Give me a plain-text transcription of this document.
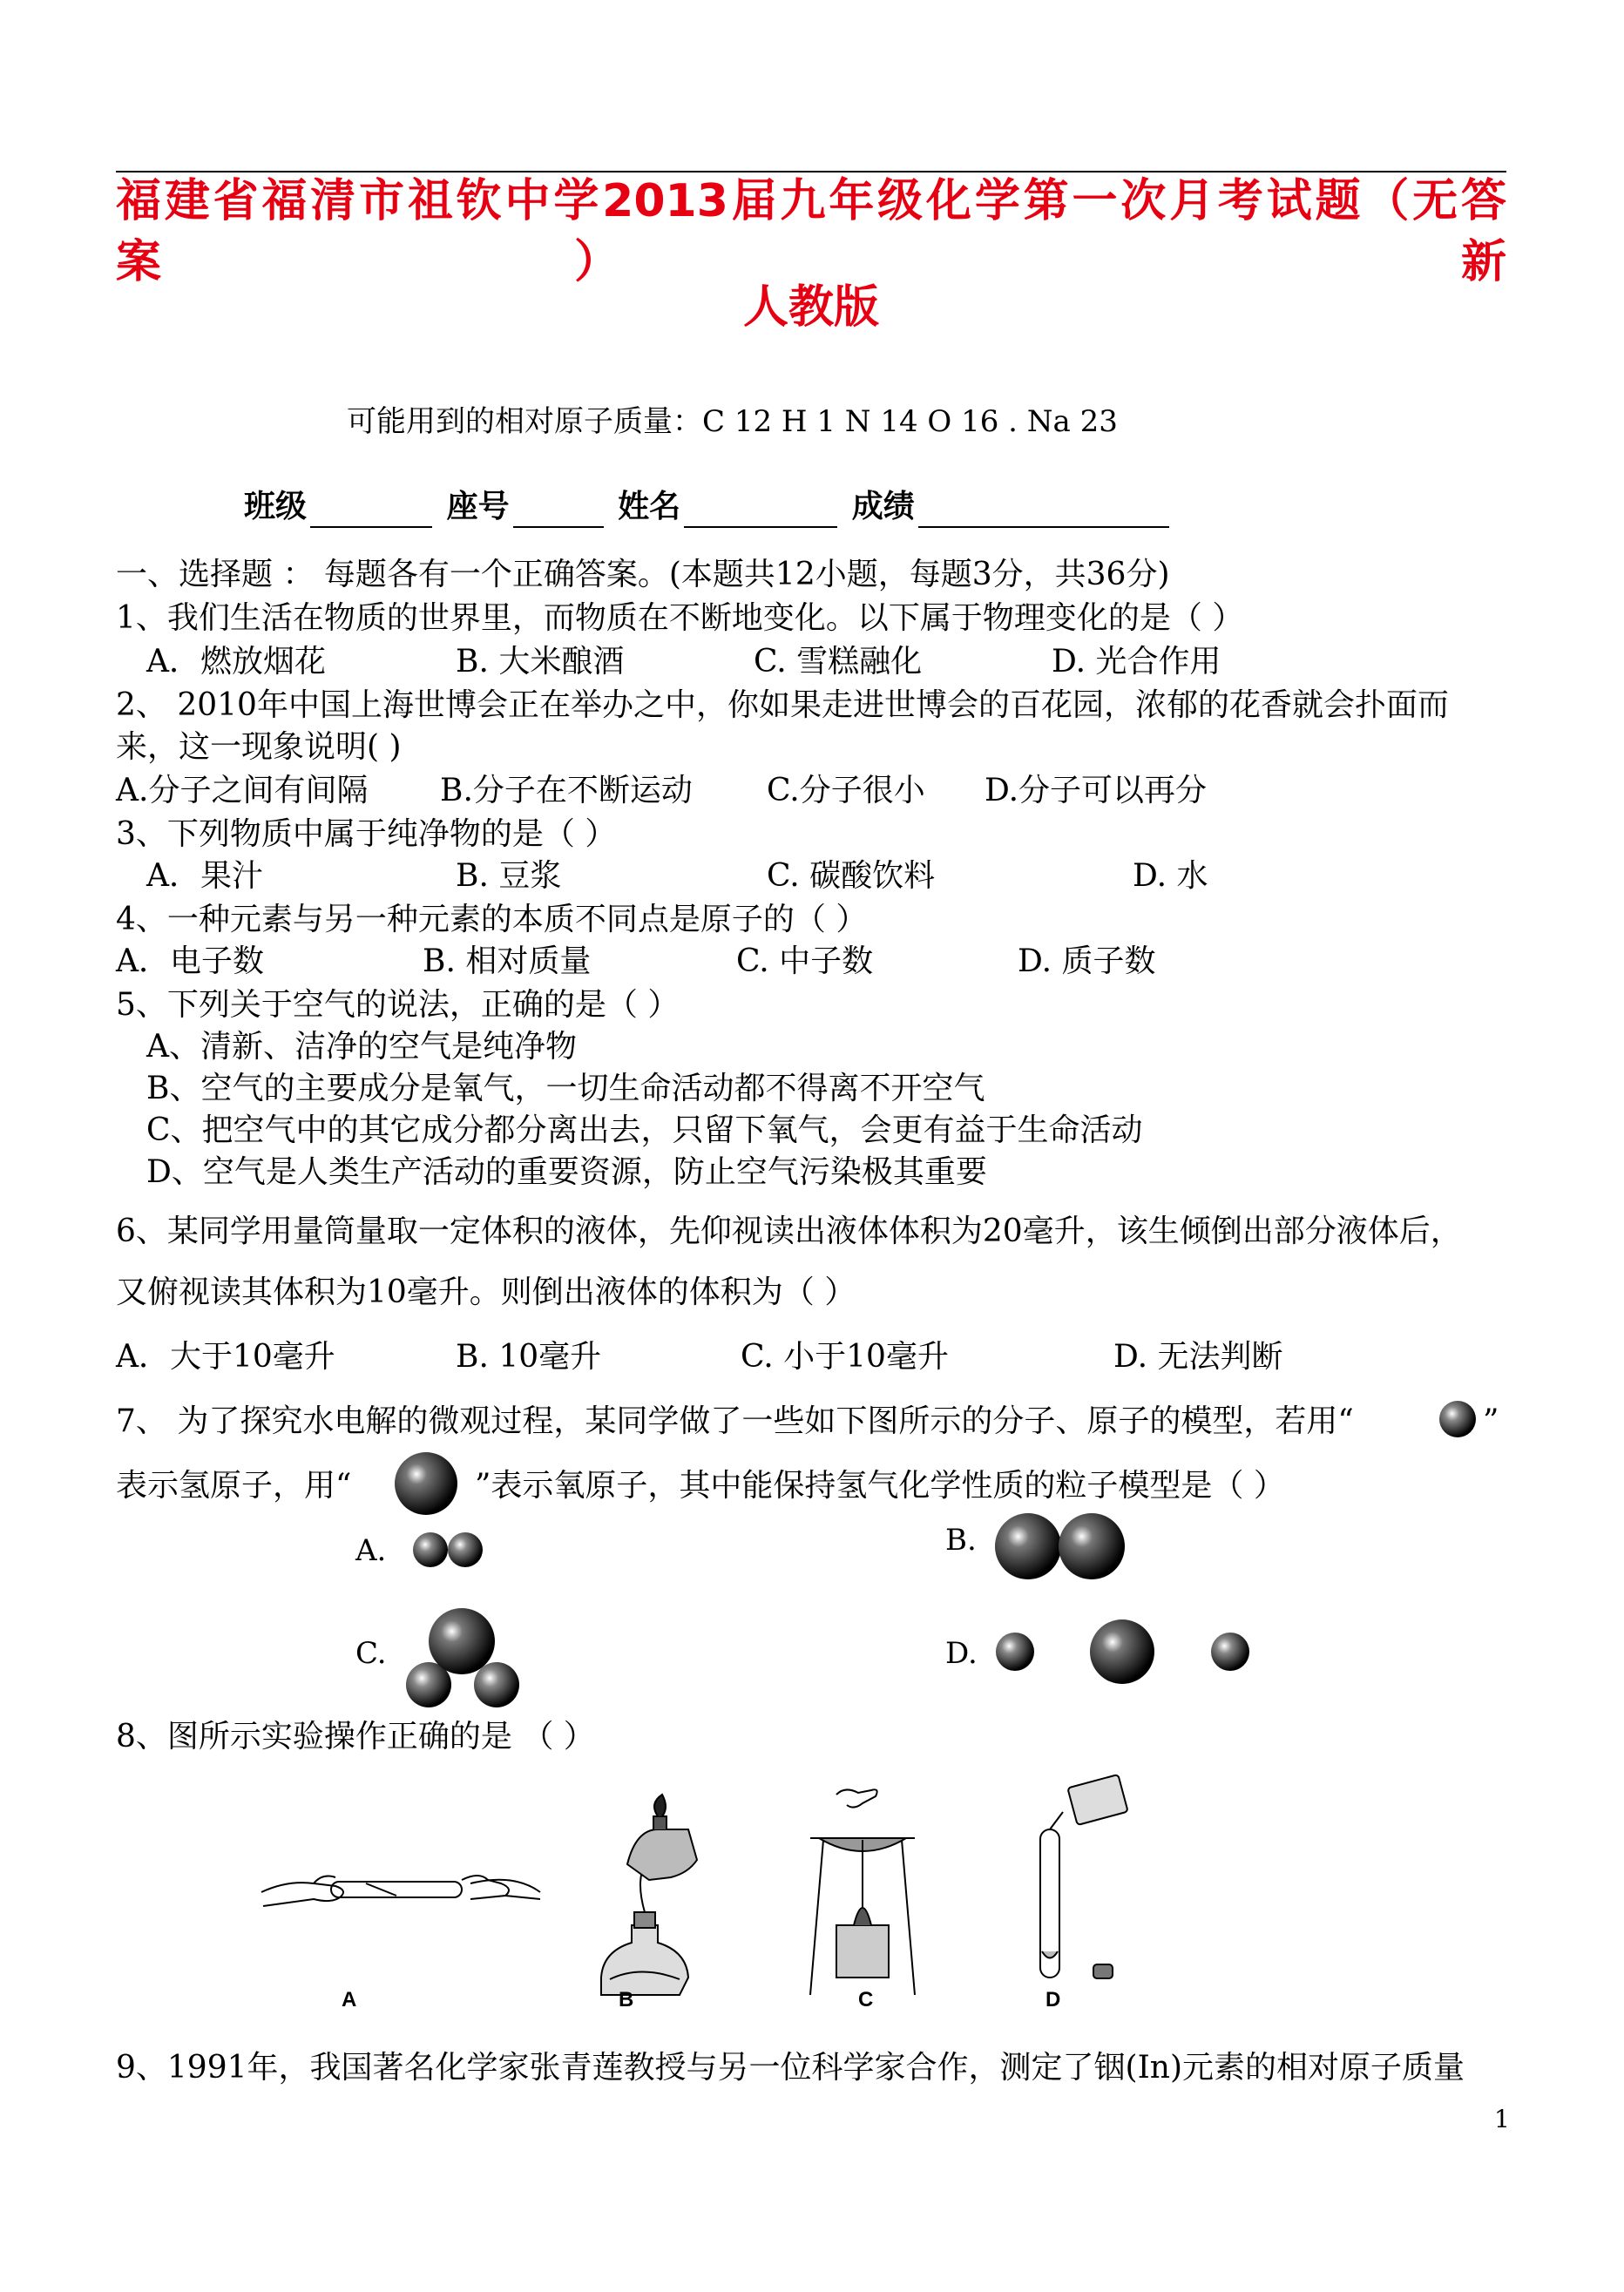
福建省福清市祖钦中学2013届九年级化学第一次月考试题（无答案） 新
人教版
可能用到的相对原子质量：C 12 H 1 N 14 O 16 . Na 23
班级	座号	姓名	成绩
一、选择题 ： 每题各有一个正确答案。(本题共12小题，每题3分，共36分)
1、我们生活在物质的世界里，而物质在不断地变化。以下属于物理变化的是（ ）
A．燃放烟花	B. 大米酿酒	C. 雪糕融化	D. 光合作用
2、 2010年中国上海世博会正在举办之中，你如果走进世博会的百花园，浓郁的花香就会扑面而
来，这一现象说明( )
A.分子之间有间隔 B.分子在不断运动 C.分子很小 D.分子可以再分
3、下列物质中属于纯净物的是（ ）
A．果汁	B. 豆浆	C. 碳酸饮料	D. 水
4、一种元素与另一种元素的本质不同点是原子的（ ）
A．电子数	B. 相对质量	C. 中子数	D. 质子数
5、下列关于空气的说法，正确的是（ ）
A、清新、洁净的空气是纯净物
B、空气的主要成分是氧气，一切生命活动都不得离不开空气
C、把空气中的其它成分都分离出去，只留下氧气，会更有益于生命活动
D、空气是人类生产活动的重要资源，防止空气污染极其重要
6、某同学用量筒量取一定体积的液体，先仰视读出液体体积为20毫升，该生倾倒出部分液体后，
又俯视读其体积为10毫升。则倒出液体的体积为（ ）
A．大于10毫升	B. 10毫升	C. 小于10毫升	D. 无法判断
7、 为了探究水电解的微观过程，某同学做了一些如下图所示的分子、原子的模型，若用“	”
表示氢原子，用“	”表示氧原子，其中能保持氢气化学性质的粒子模型是（ ）
A.	B.
C.	D.
8、图所示实验操作正确的是 （ ）
A	B	C	D
9、1991年，我国著名化学家张青莲教授与另一位科学家合作，测定了铟(In)元素的相对原子质量
1
